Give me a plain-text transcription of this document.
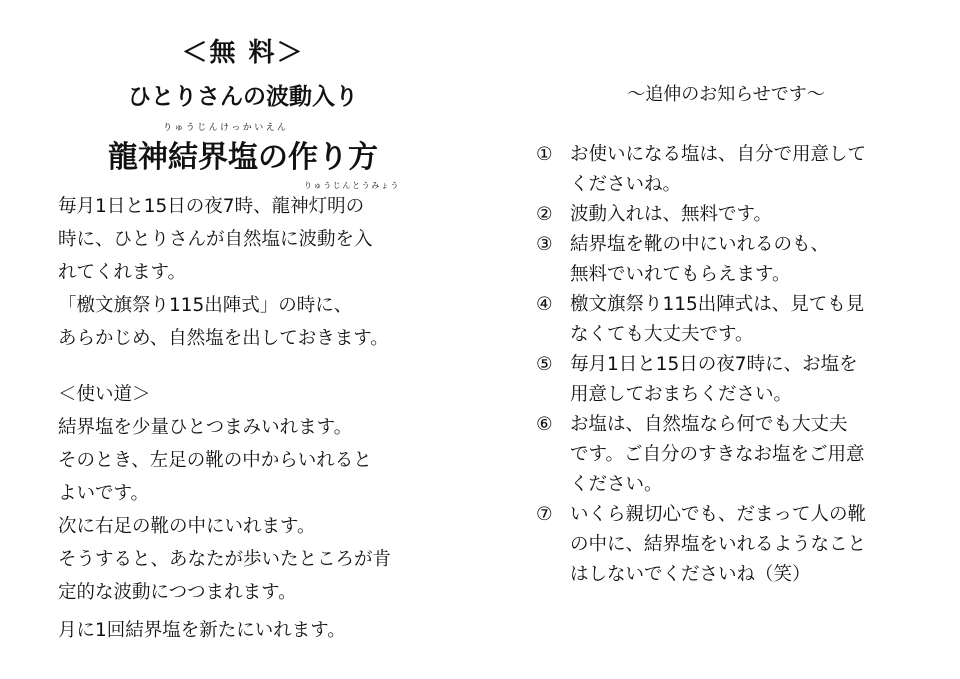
＜無 料＞
ひとりさんの波動入り
りゅうじんけっかいえん
龍神結界塩の作り方
りゅうじんとうみょう
毎月1日と15日の夜7時、龍神灯明の
時に、ひとりさんが自然塩に波動を入
れてくれます。
「檄文旗祭り115出陣式」の時に、
あらかじめ、自然塩を出しておきます。
＜使い道＞
結界塩を少量ひとつまみいれます。
そのとき、左足の靴の中からいれると
よいです。
次に右足の靴の中にいれます。
そうすると、あなたが歩いたところが肯
定的な波動につつまれます。
月に1回結界塩を新たにいれます。
～追伸のお知らせです～
① お使いになる塩は、自分で用意して
くださいね。
② 波動入れは、無料です。
③ 結界塩を靴の中にいれるのも、
無料でいれてもらえます。
④ 檄文旗祭り115出陣式は、見ても見
なくても大丈夫です。
⑤ 毎月1日と15日の夜7時に、お塩を
用意しておまちください。
⑥ お塩は、自然塩なら何でも大丈夫
です。ご自分のすきなお塩をご用意
ください。
⑦ いくら親切心でも、だまって人の靴
の中に、結界塩をいれるようなこと
はしないでくださいね（笑）
